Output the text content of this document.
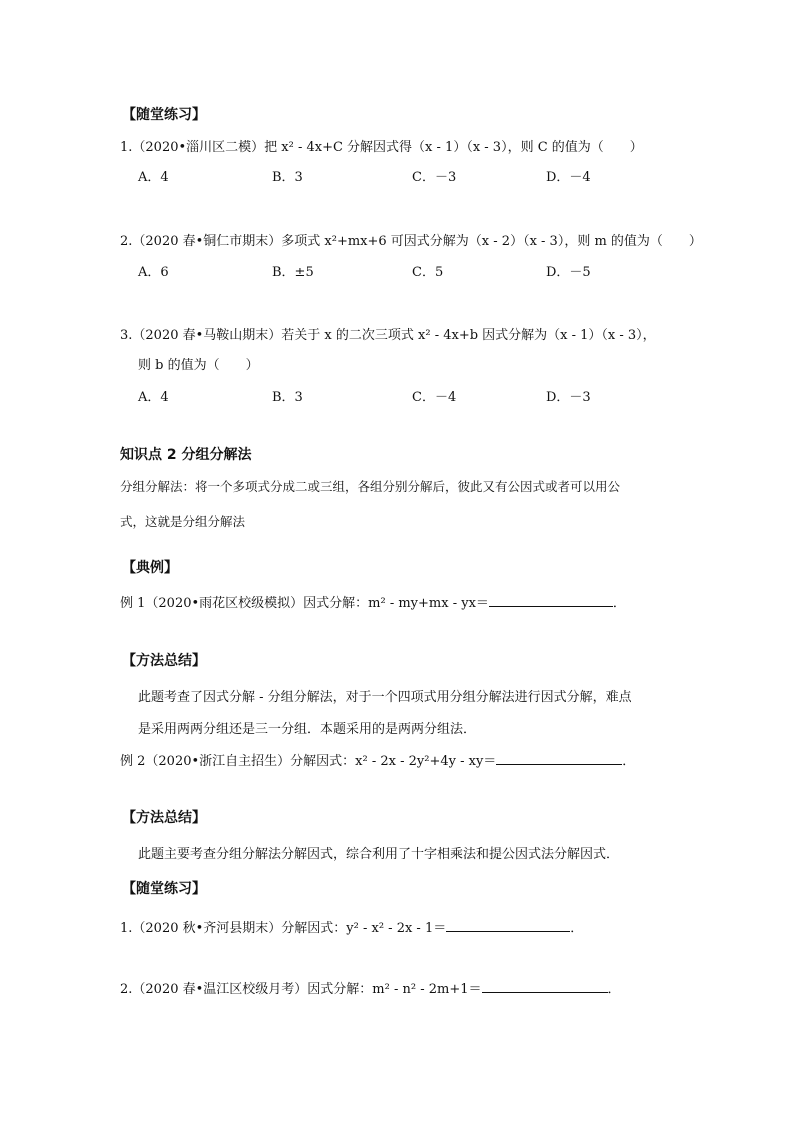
【随堂练习】
1.（2020•淄川区二模）把 x² - 4x+C 分解因式得（x - 1）（x - 3），则 C 的值为（　　）
A．4	B．3	C．－3	D．－4
2.（2020 春•铜仁市期末）多项式 x²+mx+6 可因式分解为（x - 2）（x - 3），则 m 的值为（　　）
A．6	B．±5	C．5	D．－5
3.（2020 春•马鞍山期末）若关于 x 的二次三项式 x² - 4x+b 因式分解为（x - 1）（x - 3），
则 b 的值为（　　）
A．4	B．3	C．－4	D．－3
知识点 2 分组分解法
分组分解法：将一个多项式分成二或三组，各组分别分解后，彼此又有公因式或者可以用公
式，这就是分组分解法
【典例】
例 1（2020•雨花区校级模拟）因式分解：m² - my+mx - yx＝	．
【方法总结】
此题考查了因式分解 - 分组分解法，对于一个四项式用分组分解法进行因式分解，难点
是采用两两分组还是三一分组．本题采用的是两两分组法．
例 2（2020•浙江自主招生）分解因式：x² - 2x - 2y²+4y - xy＝	．
【方法总结】
此题主要考查分组分解法分解因式，综合利用了十字相乘法和提公因式法分解因式．
【随堂练习】
1.（2020 秋•齐河县期末）分解因式：y² - x² - 2x - 1＝	．
2.（2020 春•温江区校级月考）因式分解：m² - n² - 2m+1＝	．
